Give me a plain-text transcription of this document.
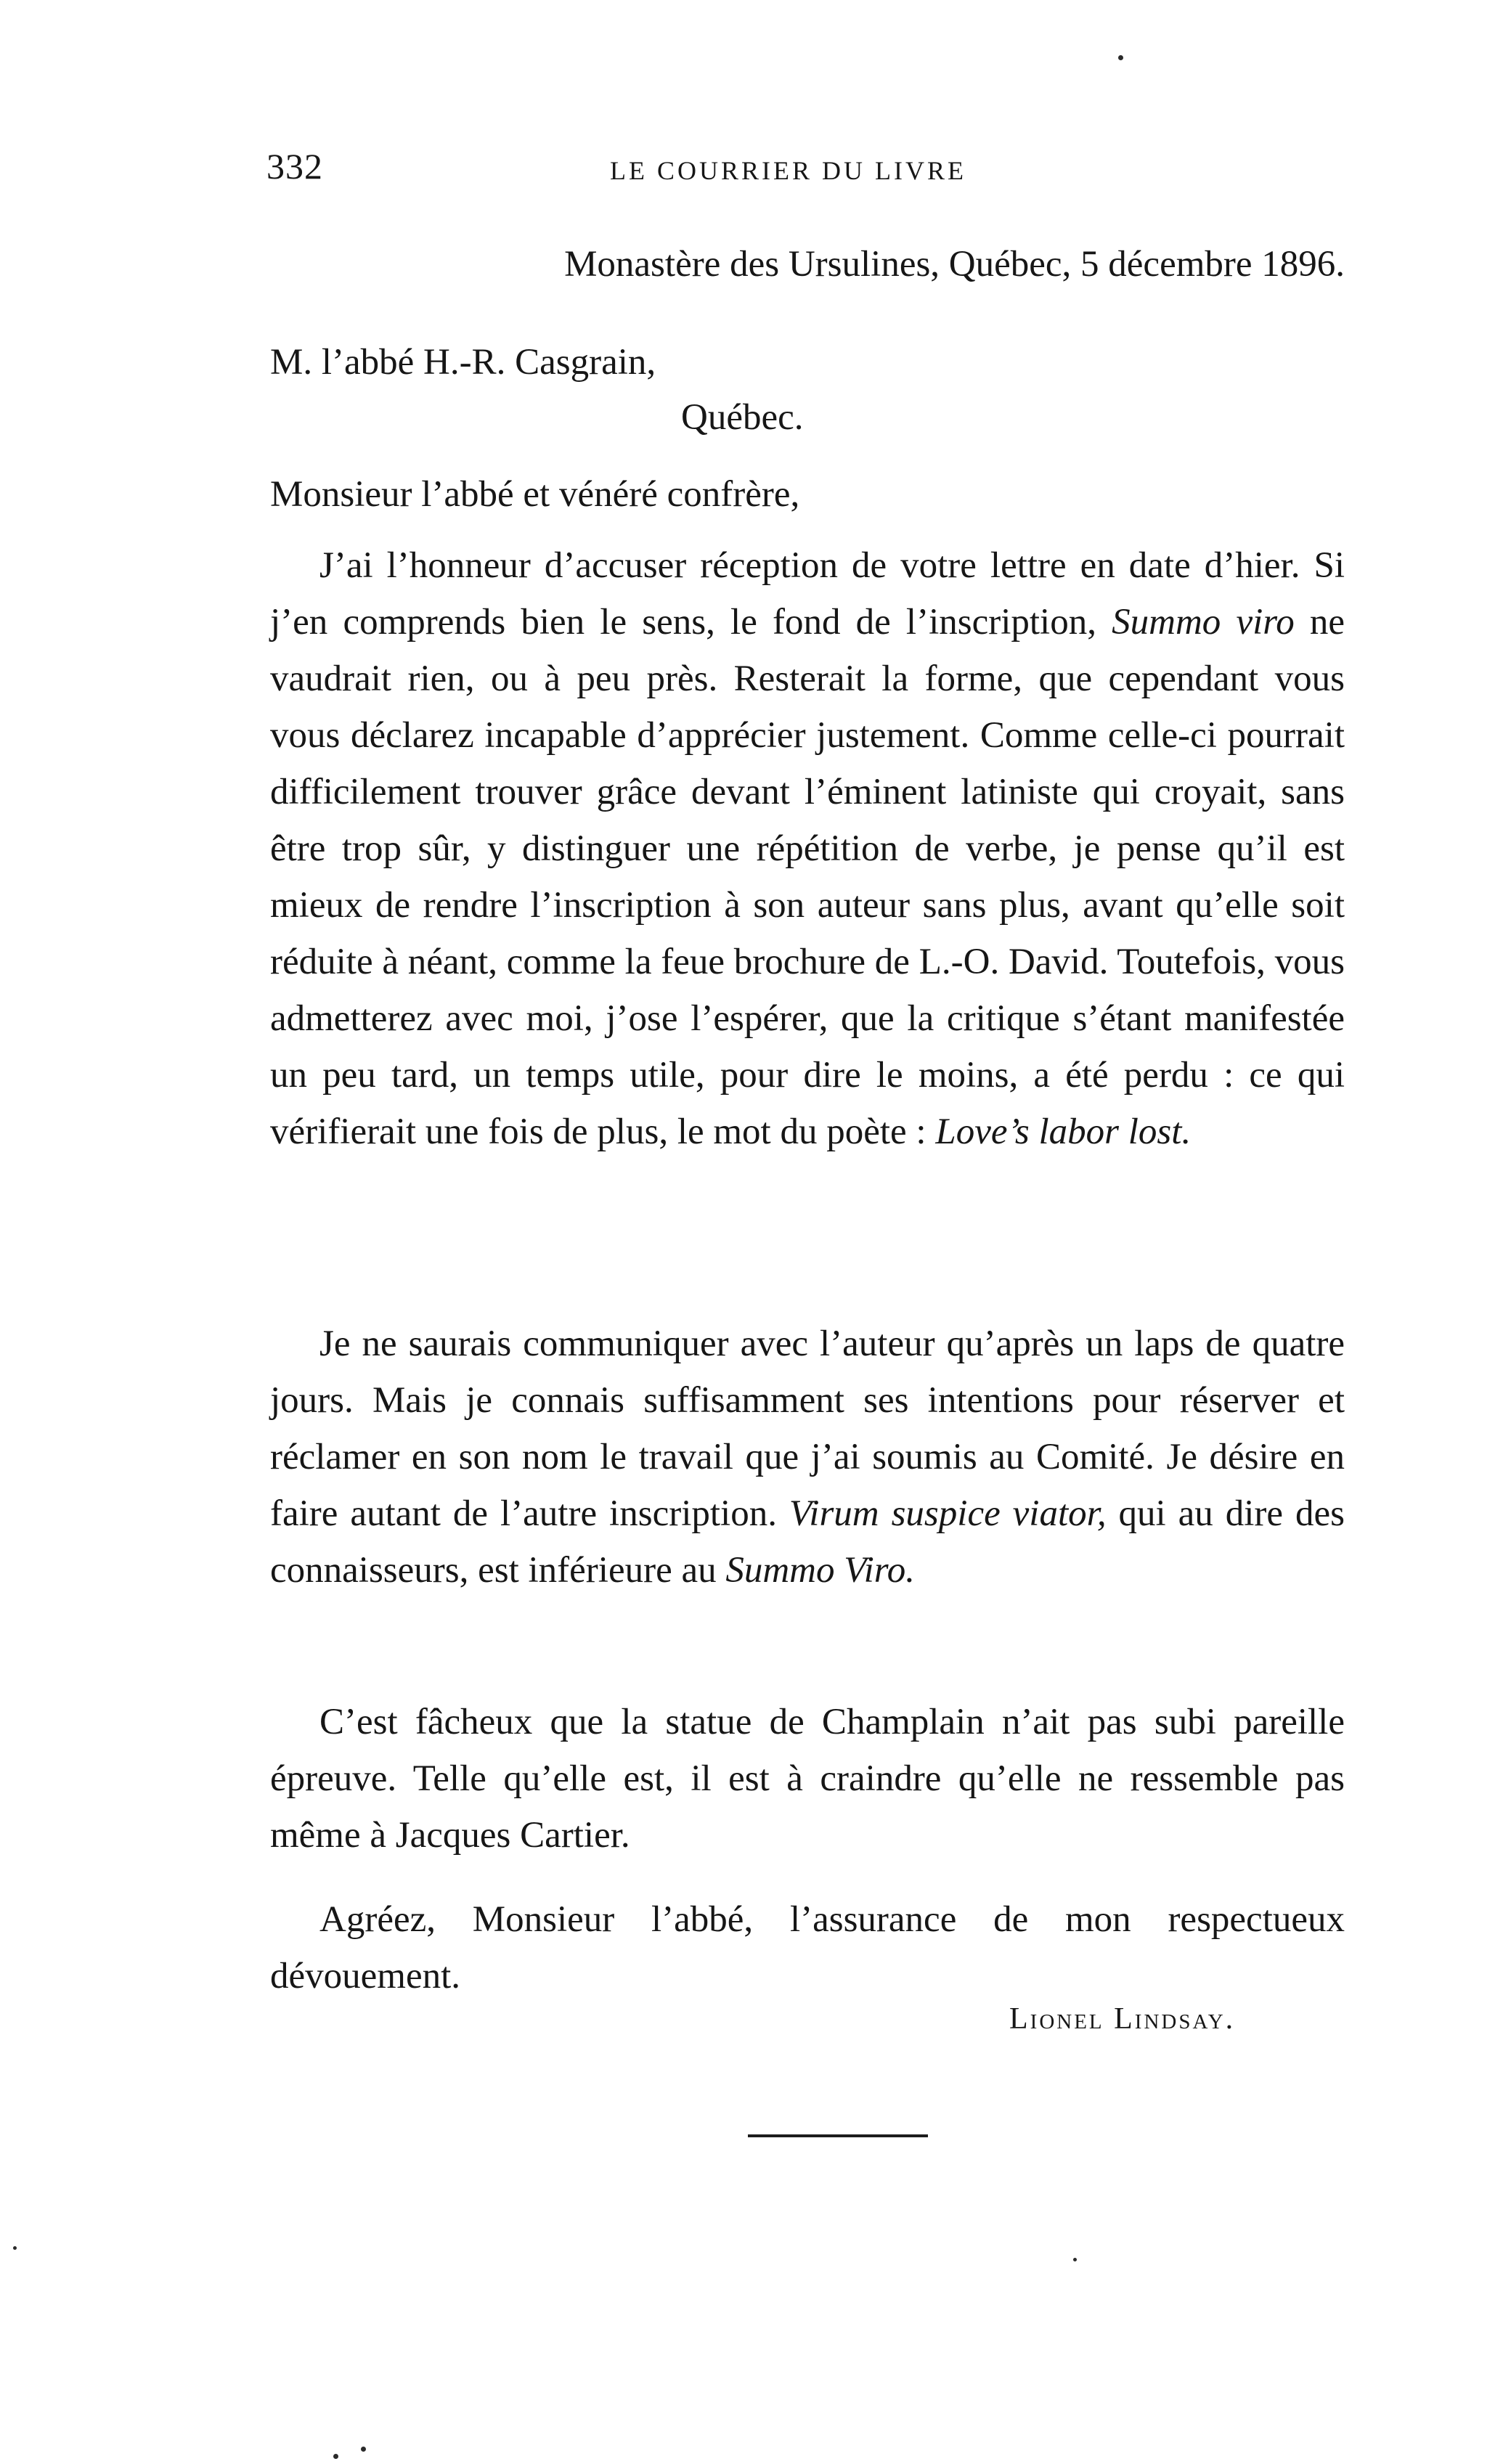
332	LE COURRIER DU LIVRE

Monastère des Ursulines, Québec, 5 décembre 1896.

M. l’abbé H.-R. Casgrain,

Québec.

Monsieur l’abbé et vénéré confrère,

J’ai l’honneur d’accuser réception de votre lettre en date d’hier. Si j’en comprends bien le sens, le fond de l’inscription, Summo viro ne vaudrait rien, ou à peu près. Resterait la forme, que cependant vous vous déclarez incapable d’apprécier justement. Comme celle-ci pourrait difficilement trouver grâce devant l’éminent latiniste qui croyait, sans être trop sûr, y distinguer une répétition de verbe, je pense qu’il est mieux de rendre l’inscription à son auteur sans plus, avant qu’elle soit réduite à néant, comme la feue brochure de L.-O. David. Toutefois, vous admetterez avec moi, j’ose l’espérer, que la critique s’étant manifestée un peu tard, un temps utile, pour dire le moins, a été perdu : ce qui vérifierait une fois de plus, le mot du poète : Love’s labor lost.

Je ne saurais communiquer avec l’auteur qu’après un laps de quatre jours. Mais je connais suffisamment ses intentions pour réserver et réclamer en son nom le travail que j’ai soumis au Comité. Je désire en faire autant de l’autre inscription. Virum suspice viator, qui au dire des connaisseurs, est inférieure au Summo Viro.

C’est fâcheux que la statue de Champlain n’ait pas subi pareille épreuve. Telle qu’elle est, il est à craindre qu’elle ne ressemble pas même à Jacques Cartier.

Agréez, Monsieur l’abbé, l’assurance de mon respectueux dévouement.

Lionel Lindsay.
